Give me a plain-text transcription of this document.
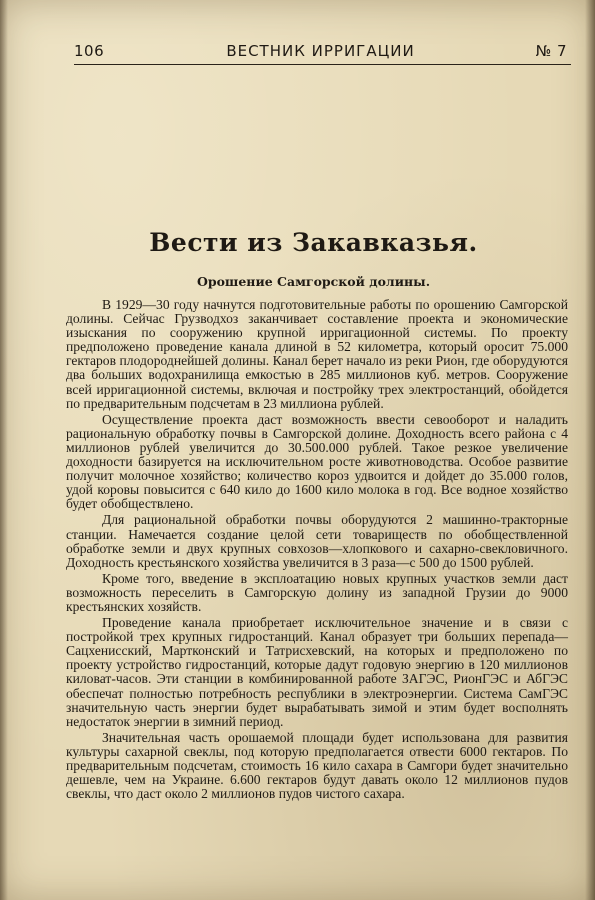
106	ВЕСТНИК ИРРИГАЦИИ	№ 7
Вести из Закавказья.
Орошение Самгорской долины.

В 1929—30 году начнутся подготовительные работы по орошению Самгорской долины. Сейчас Грузводхоз заканчивает составление проекта и экономические изыскания по сооружению крупной ирригационной системы. По проекту предположено проведение канала длиной в 52 километра, который оросит 75.000 гектаров плодороднейшей долины. Канал берет начало из реки Рион, где оборудуются два больших водохранилища емкостью в 285 миллионов куб. метров. Сооружение всей ирригационной системы, включая и постройку трех электростанций, обойдется по предварительным подсчетам в 23 миллиона рублей.

Осуществление проекта даст возможность ввести севооборот и наладить рациональную обработку почвы в Самгорской долине. Доходность всего района с 4 миллионов рублей увеличится до 30.500.000 рублей. Такое резкое увеличение доходности базируется на исключительном росте животноводства. Особое развитие получит молочное хозяйство; количество короз удвоится и дойдет до 35.000 голов, удой коровы повысится с 640 кило до 1600 кило молока в год. Все водное хозяйство будет обобществлено.

Для рациональной обработки почвы оборудуются 2 машинно-тракторные станции. Намечается создание целой сети товариществ по обобществленной обработке земли и двух крупных совхозов—хлопкового и сахарно-свекловичного. Доходность крестьянского хозяйства увеличится в 3 раза—с 500 до 1500 рублей.

Кроме того, введение в эксплоатацию новых крупных участков земли даст возможность переселить в Самгорскую долину из западной Грузии до 9000 крестьянских хозяйств.

Проведение канала приобретает исключительное значение и в связи с постройкой трех крупных гидростанций. Канал образует три больших перепада—Сацхенисский, Мартконский и Татрисхевский, на которых и предположено по проекту устройство гидростанций, которые дадут годовую энергию в 120 миллионов киловат-часов. Эти станции в комбинированной работе ЗАГЭС, РионГЭС и АбГЭС обеспечат полностью потребность республики в электроэнергии. Система СамГЭС значительную часть энергии будет вырабатывать зимой и этим будет восполнять недостаток энергии в зимний период.

Значительная часть орошаемой площади будет использована для развития культуры сахарной свеклы, под которую предполагается отвести 6000 гектаров. По предварительным подсчетам, стоимость 16 кило сахара в Самгори будет значительно дешевле, чем на Украине. 6.600 гектаров будут давать около 12 миллионов пудов свеклы, что даст около 2 миллионов пудов чистого сахара.
